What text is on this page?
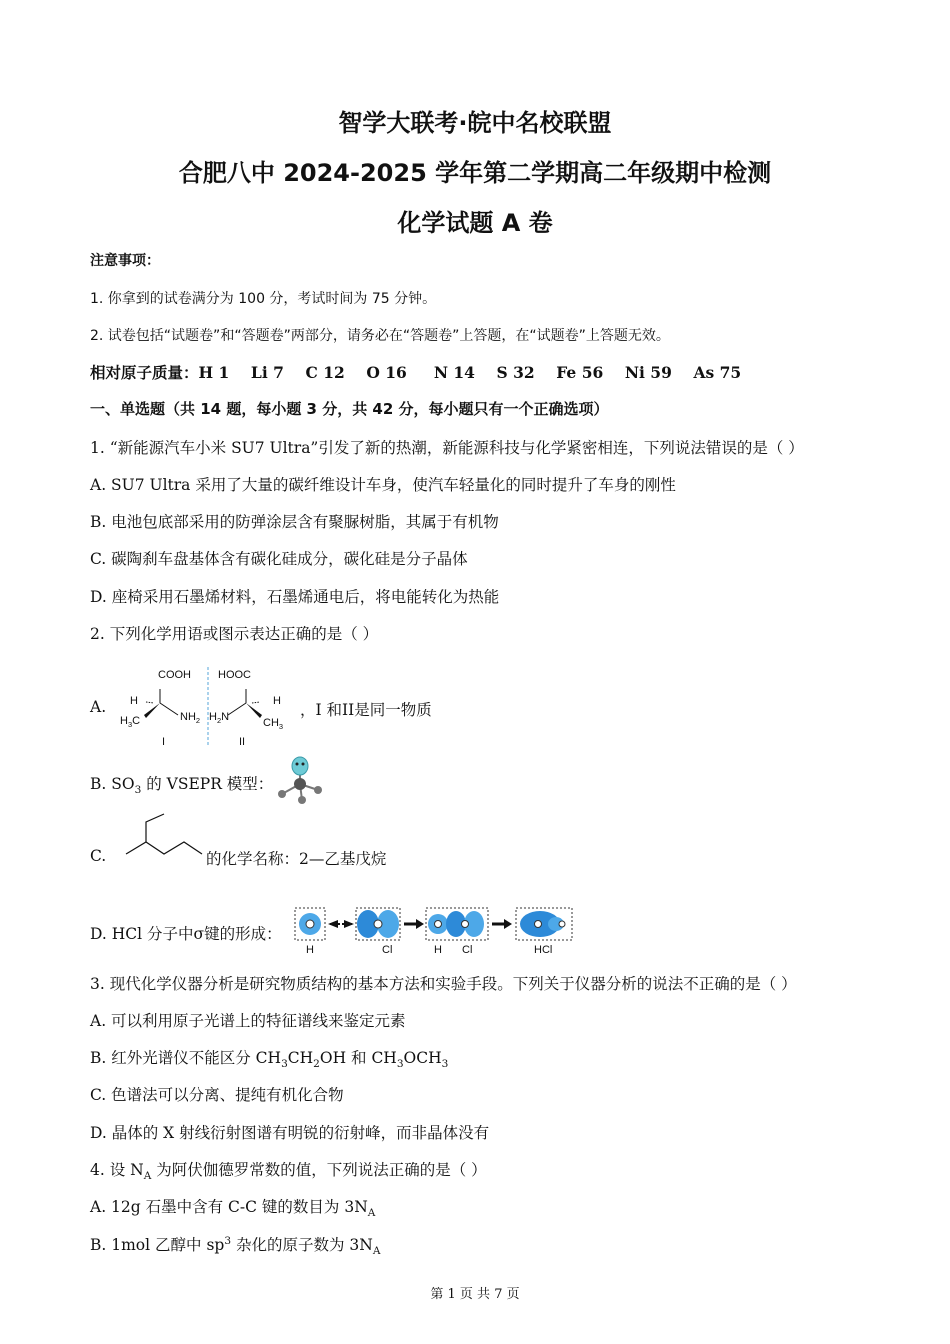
智学大联考·皖中名校联盟
合肥八中 2024-2025 学年第二学期高二年级期中检测
化学试题 A 卷
注意事项：
1. 你拿到的试卷满分为 100 分，考试时间为 75 分钟。
2. 试卷包括“试题卷”和“答题卷”两部分，请务必在“答题卷”上答题，在“试题卷”上答题无效。
相对原子质量：H 1    Li 7    C 12    O 16     N 14    S 32    Fe 56    Ni 59    As 75
一、单选题（共 14 题，每小题 3 分，共 42 分，每小题只有一个正确选项）
1. “新能源汽车小米 SU7 Ultra”引发了新的热潮，新能源科技与化学紧密相连，下列说法错误的是（ ）
A. SU7 Ultra 采用了大量的碳纤维设计车身，使汽车轻量化的同时提升了车身的刚性
B. 电池包底部采用的防弹涂层含有聚脲树脂，其属于有机物
C. 碳陶刹车盘基体含有碳化硅成分，碳化硅是分子晶体
D. 座椅采用石墨烯材料，石墨烯通电后，将电能转化为热能
2. 下列化学用语或图示表达正确的是（ ）
A.
COOH
H
$H_3C$	$NH_2$
HOOC
$H_2N$
H
$CH_3$
I	II
，I 和II是同一物质
B. $SO_3$ 的 VSEPR 模型：
C.	的化学名称：2—乙基戊烷
D. HCl 分子中σ键的形成：
H	Cl	H Cl	HCl
3. 现代化学仪器分析是研究物质结构的基本方法和实验手段。下列关于仪器分析的说法不正确的是（ ）
A. 可以利用原子光谱上的特征谱线来鉴定元素
B. 红外光谱仪不能区分 $CH_3CH_2OH$ 和 $CH_3OCH_3$
C. 色谱法可以分离、提纯有机化合物
D. 晶体的 X 射线衍射图谱有明锐的衍射峰，而非晶体没有
4. 设 $N_A$ 为阿伏伽德罗常数的值，下列说法正确的是（ ）
A. 12g 石墨中含有 C-C 键的数目为 $3N_A$
B. 1mol 乙醇中 $sp^3$ 杂化的原子数为 $3N_A$
第 1 页 共 7 页
